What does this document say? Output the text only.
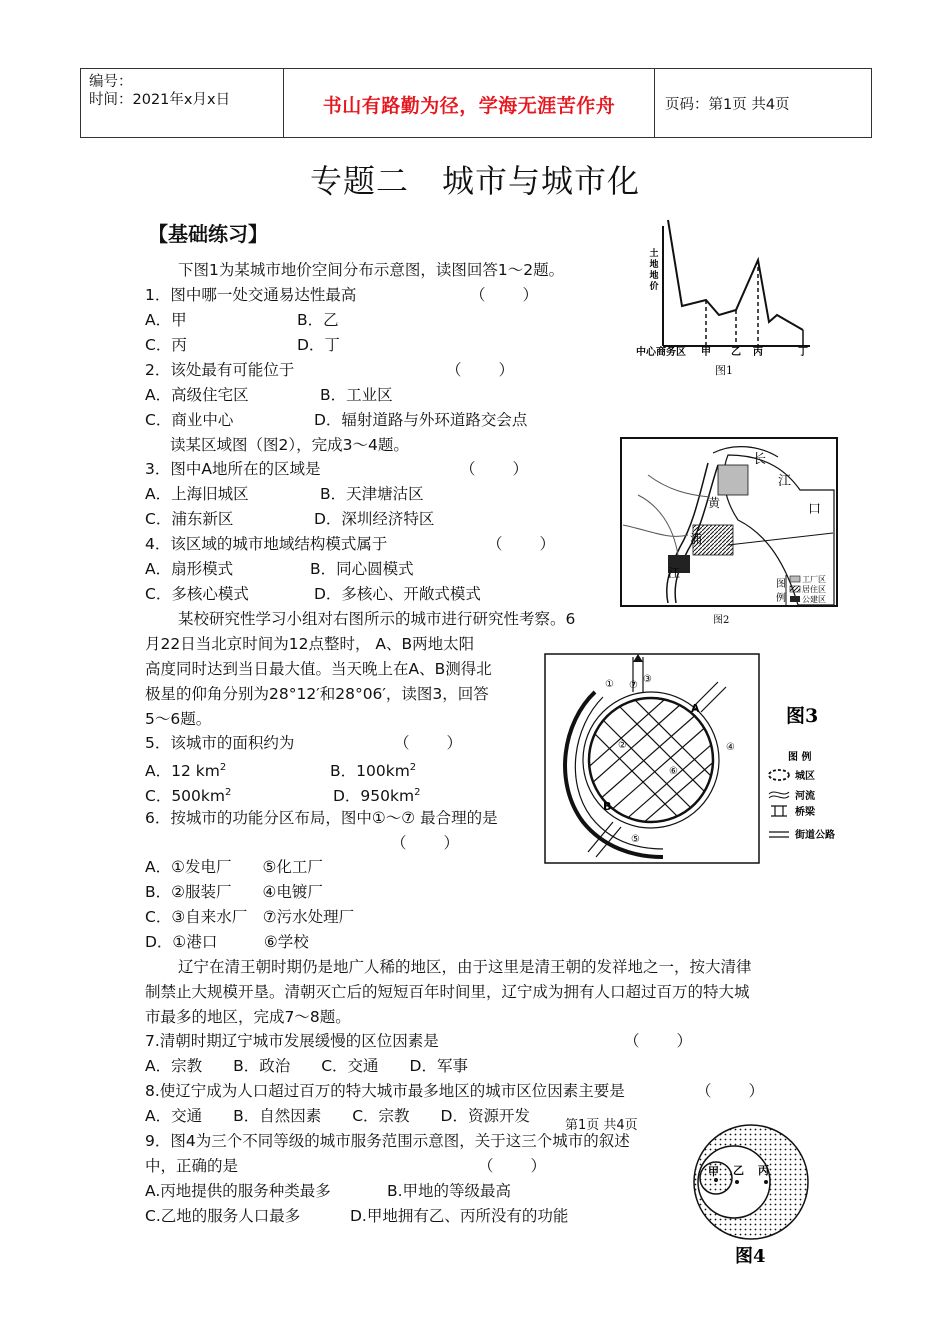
编号：
时间：2021年x月x日	书山有路勤为径，学海无涯苦作舟	页码：第1页 共4页
专题二　城市与城市化
【基础练习】
下图1为某城市地价空间分布示意图，读图回答1～2题。
1．图中哪一处交通易达性最高	（　　）
A．甲	B．乙
C．丙	D．丁
2．该处最有可能位于	（　　）
A．高级住宅区	B．工业区
C．商业中心	D．辐射道路与外环道路交会点
读某区域图（图2），完成3～4题。
3．图中A地所在的区域是	（　　）
A．上海旧城区	B．天津塘沽区
C．浦东新区	D．深圳经济特区
4．该区域的城市地域结构模式属于	（　　）
A．扇形模式	B．同心圆模式
C．多核心模式	D．多核心、开敞式模式
某校研究性学习小组对右图所示的城市进行研究性考察。6
月22日当北京时间为12点整时， A、B两地太阳
高度同时达到当日最大值。当天晚上在A、B测得北
极星的仰角分别为28°12′和28°06′，读图3，回答
5～6题。
5．该城市的面积约为	（　　）
A．12 $km^2$	B．$100km^2$
C．$500km^2$	D．$950km^2$
6．按城市的功能分区布局，图中①～⑦ 最合理的是
（　　）
A．①发电厂　　⑤化工厂
B．②服装厂　　④电镀厂
C．③自来水厂　⑦污水处理厂
D．①港口　　　⑥学校
辽宁在清王朝时期仍是地广人稀的地区，由于这里是清王朝的发祥地之一，按大清律
制禁止大规模开垦。清朝灭亡后的短短百年时间里，辽宁成为拥有人口超过百万的特大城
市最多的地区，完成7～8题。
7.清朝时期辽宁城市发展缓慢的区位因素是	（　　）
A．宗教　　B．政治　　C．交通　　D．军事
8.使辽宁成为人口超过百万的特大城市最多地区的城市区位因素主要是	（　　）
A．交通　　B．自然因素　　C．宗教　　D．资源开发
9．图4为三个不同等级的城市服务范围示意图，关于这三个城市的叙述
中，正确的是	（　　）
A.丙地提供的服务种类最多	B.甲地的等级最高
C.乙地的服务人口最多	D.甲地拥有乙、丙所没有的功能
第1页 共4页
土
地
地
价
中心商务区 甲 乙 丙	丁
图1
长
江
口
黄
浦
江
图
例
工厂区
居住区
公建区
图2
A
B
①
②
③
④
⑤
⑥
⑦
图3
图 例
城区
河流
桥梁
街道公路
甲 乙 丙
图4
